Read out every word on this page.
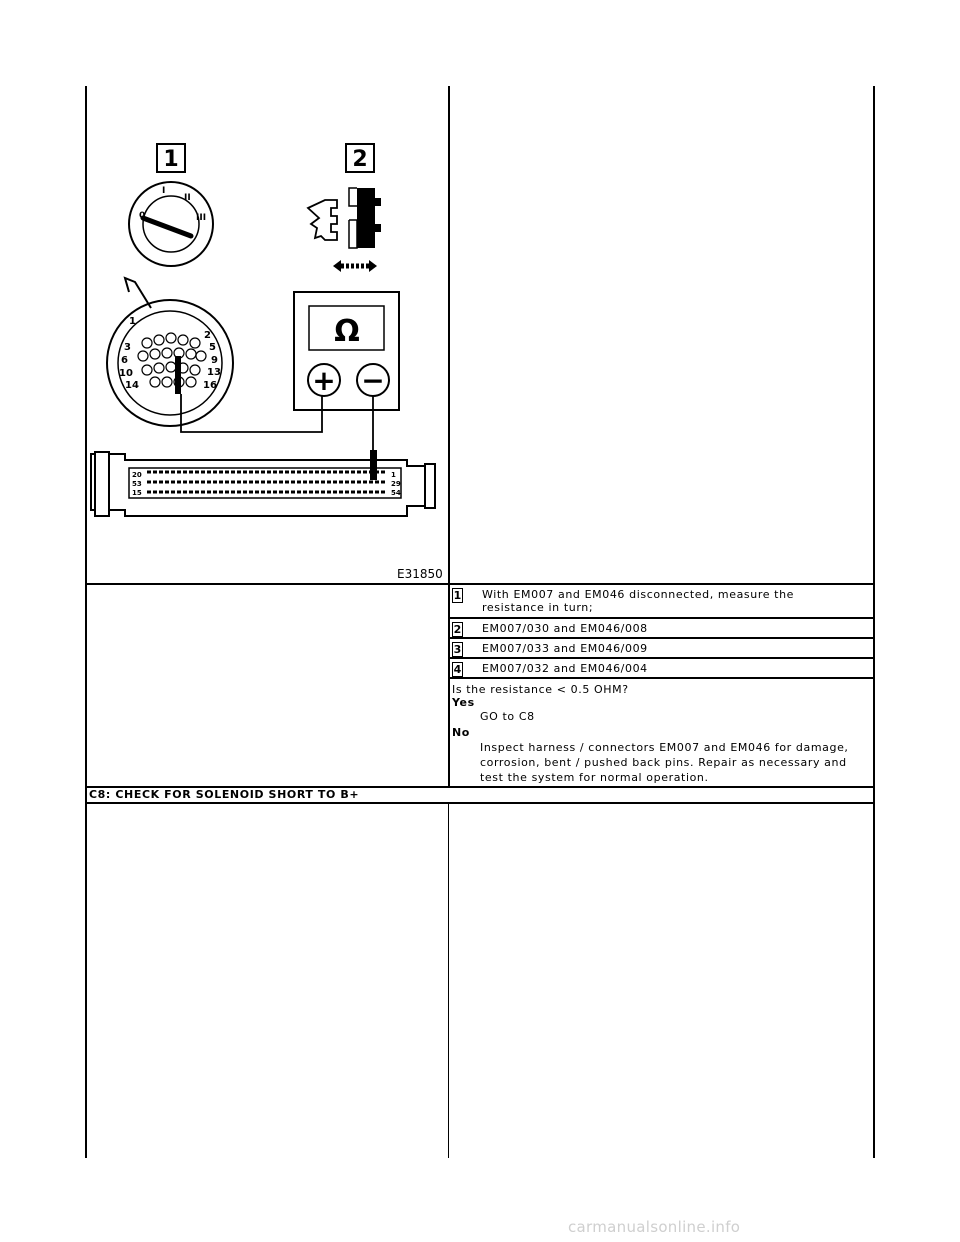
1 With EM007 and EM046 disconnected, measure the
resistance in turn;
2 EM007/030 and EM046/008
3 EM007/033 and EM046/009
4 EM007/032 and EM046/004
Is the resistance < 0.5 OHM?
Yes
GO to C8
No
Inspect harness / connectors EM007 and EM046 for damage,
corrosion, bent / pushed back pins. Repair as necessary and
test the system for normal operation.
C8: CHECK FOR SOLENOID SHORT TO B+
1	2
0
I
II
III
1
2
3	5
6	9
10	13
14	16
Ω
+ −
20
53
15
1
29
54
E31850
carmanualsonline.info
